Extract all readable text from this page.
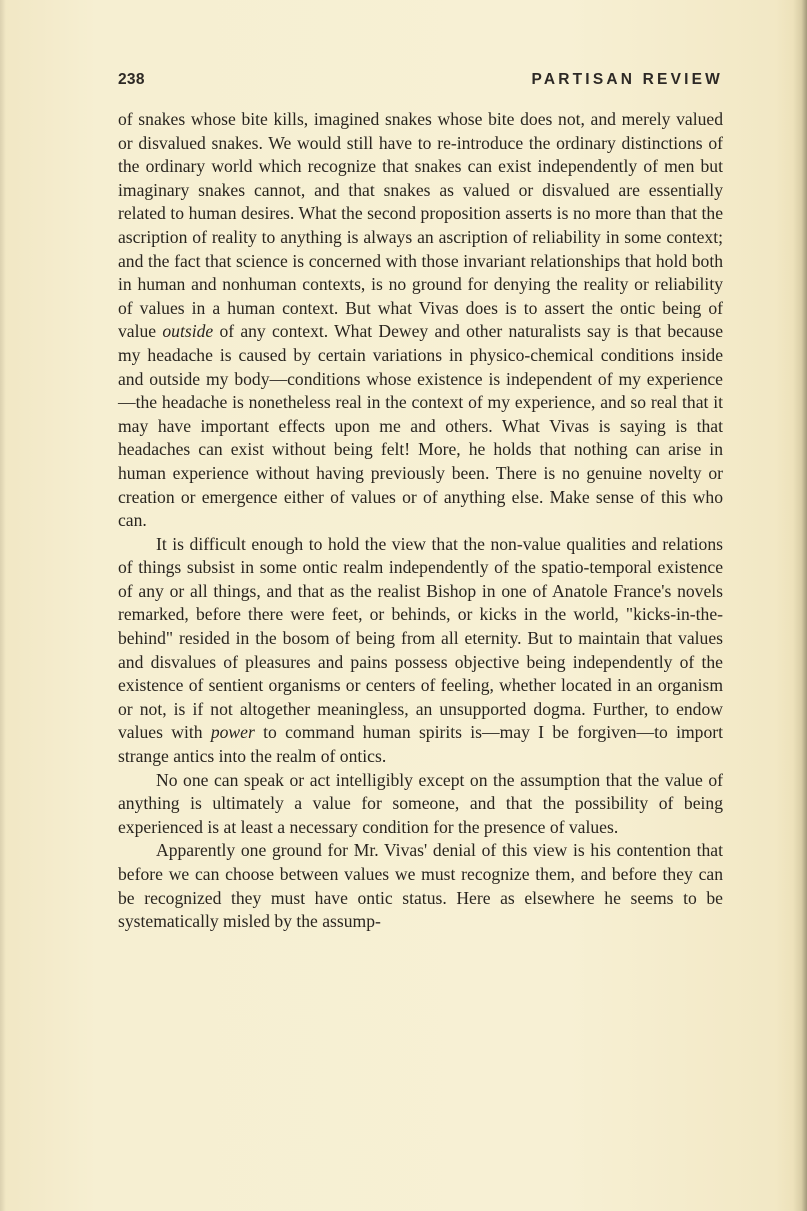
238	PARTISAN REVIEW

of snakes whose bite kills, imagined snakes whose bite does not, and merely valued or disvalued snakes. We would still have to re-introduce the ordinary distinctions of the ordinary world which recognize that snakes can exist independently of men but imaginary snakes cannot, and that snakes as valued or disvalued are essentially related to human desires. What the second proposition asserts is no more than that the ascription of reality to anything is always an ascription of reliability in some context; and the fact that science is concerned with those invariant relationships that hold both in human and nonhuman contexts, is no ground for denying the reality or reliability of values in a human context. But what Vivas does is to assert the ontic being of value outside of any context. What Dewey and other naturalists say is that because my headache is caused by certain variations in physico-chemical conditions inside and outside my body—conditions whose existence is independent of my experience—the headache is nonetheless real in the context of my experience, and so real that it may have important effects upon me and others. What Vivas is saying is that headaches can exist without being felt! More, he holds that nothing can arise in human experience without having previously been. There is no genuine novelty or creation or emergence either of values or of anything else. Make sense of this who can.

It is difficult enough to hold the view that the non-value qualities and relations of things subsist in some ontic realm independently of the spatio-temporal existence of any or all things, and that as the realist Bishop in one of Anatole France's novels remarked, before there were feet, or behinds, or kicks in the world, "kicks-in-the-behind" resided in the bosom of being from all eternity. But to maintain that values and disvalues of pleasures and pains possess objective being independently of the existence of sentient organisms or centers of feeling, whether located in an organism or not, is if not altogether meaningless, an unsupported dogma. Further, to endow values with power to command human spirits is—may I be forgiven—to import strange antics into the realm of ontics.

No one can speak or act intelligibly except on the assumption that the value of anything is ultimately a value for someone, and that the possibility of being experienced is at least a necessary condition for the presence of values.

Apparently one ground for Mr. Vivas' denial of this view is his contention that before we can choose between values we must recognize them, and before they can be recognized they must have ontic status. Here as elsewhere he seems to be systematically misled by the assump-
